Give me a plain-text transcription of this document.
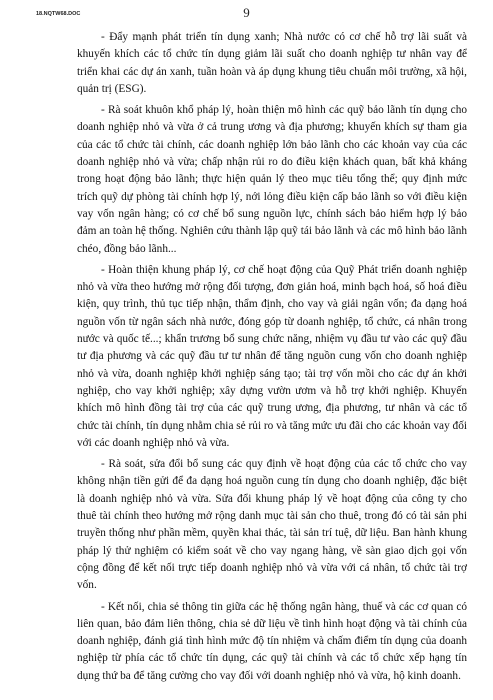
18.NQTW68.DOC	9

- Đẩy mạnh phát triển tín dụng xanh; Nhà nước có cơ chế hỗ trợ lãi suất và khuyến khích các tổ chức tín dụng giảm lãi suất cho doanh nghiệp tư nhân vay để triển khai các dự án xanh, tuần hoàn và áp dụng khung tiêu chuẩn môi trường, xã hội, quản trị (ESG).

- Rà soát khuôn khổ pháp lý, hoàn thiện mô hình các quỹ bảo lãnh tín dụng cho doanh nghiệp nhỏ và vừa ở cả trung ương và địa phương; khuyến khích sự tham gia của các tổ chức tài chính, các doanh nghiệp lớn bảo lãnh cho các khoản vay của các doanh nghiệp nhỏ và vừa; chấp nhận rủi ro do điều kiện khách quan, bất khả kháng trong hoạt động bảo lãnh; thực hiện quản lý theo mục tiêu tổng thể; quy định mức trích quỹ dự phòng tài chính hợp lý, nới lỏng điều kiện cấp bảo lãnh so với điều kiện vay vốn ngân hàng; có cơ chế bổ sung nguồn lực, chính sách bảo hiểm hợp lý bảo đảm an toàn hệ thống. Nghiên cứu thành lập quỹ tái bảo lãnh và các mô hình bảo lãnh chéo, đồng bảo lãnh...

- Hoàn thiện khung pháp lý, cơ chế hoạt động của Quỹ Phát triển doanh nghiệp nhỏ và vừa theo hướng mở rộng đối tượng, đơn giản hoá, minh bạch hoá, số hoá điều kiện, quy trình, thủ tục tiếp nhận, thẩm định, cho vay và giải ngân vốn; đa dạng hoá nguồn vốn từ ngân sách nhà nước, đóng góp từ doanh nghiệp, tổ chức, cá nhân trong nước và quốc tế...; khẩn trương bổ sung chức năng, nhiệm vụ đầu tư vào các quỹ đầu tư địa phương và các quỹ đầu tư tư nhân để tăng nguồn cung vốn cho doanh nghiệp nhỏ và vừa, doanh nghiệp khởi nghiệp sáng tạo; tài trợ vốn mồi cho các dự án khởi nghiệp, cho vay khởi nghiệp; xây dựng vườn ươm và hỗ trợ khởi nghiệp. Khuyến khích mô hình đồng tài trợ của các quỹ trung ương, địa phương, tư nhân và các tổ chức tài chính, tín dụng nhằm chia sẻ rủi ro và tăng mức ưu đãi cho các khoản vay đối với các doanh nghiệp nhỏ và vừa.

- Rà soát, sửa đổi bổ sung các quy định về hoạt động của các tổ chức cho vay không nhận tiền gửi để đa dạng hoá nguồn cung tín dụng cho doanh nghiệp, đặc biệt là doanh nghiệp nhỏ và vừa. Sửa đổi khung pháp lý về hoạt động của công ty cho thuê tài chính theo hướng mở rộng danh mục tài sản cho thuê, trong đó có tài sản phi truyền thống như phần mềm, quyền khai thác, tài sản trí tuệ, dữ liệu. Ban hành khung pháp lý thử nghiệm có kiểm soát về cho vay ngang hàng, về sàn giao dịch gọi vốn cộng đồng để kết nối trực tiếp doanh nghiệp nhỏ và vừa với cá nhân, tổ chức tài trợ vốn.

- Kết nối, chia sẻ thông tin giữa các hệ thống ngân hàng, thuế và các cơ quan có liên quan, bảo đảm liên thông, chia sẻ dữ liệu về tình hình hoạt động và tài chính của doanh nghiệp, đánh giá tình hình mức độ tín nhiệm và chấm điểm tín dụng của doanh nghiệp từ phía các tổ chức tín dụng, các quỹ tài chính và các tổ chức xếp hạng tín dụng thứ ba để tăng cường cho vay đối với doanh nghiệp nhỏ và vừa, hộ kinh doanh.
